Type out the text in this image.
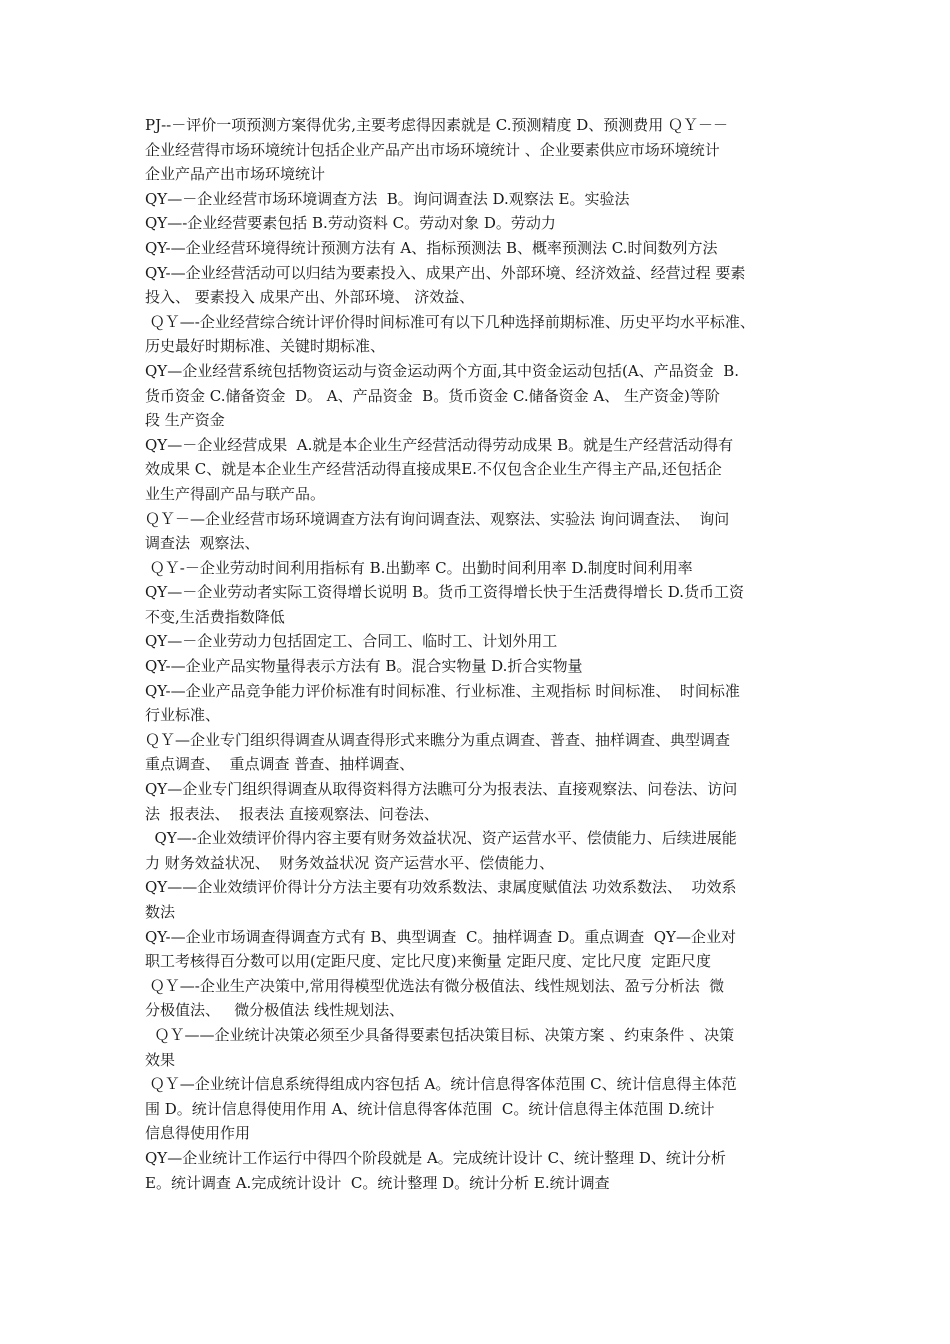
PJ--－评价一项预测方案得优劣,主要考虑得因素就是 C.预测精度 D、预测费用 ＱＹ－－
企业经营得市场环境统计包括企业产品产出市场环境统计 、企业要素供应市场环境统计
企业产品产出市场环境统计
QY—－企业经营市场环境调查方法  B。询问调查法 D.观察法 E。实验法
QY—-企业经营要素包括 B.劳动资料 C。劳动对象 D。劳动力
QY-—企业经营环境得统计预测方法有 A、指标预测法 B、概率预测法 C.时间数列方法
QY-—企业经营活动可以归结为要素投入、成果产出、外部环境、经济效益、经营过程 要素
投入、 要素投入 成果产出、外部环境、 济效益、
ＱＹ—-企业经营综合统计评价得时间标准可有以下几种选择前期标准、历史平均水平标准、
历史最好时期标准、关键时期标准、
QY—企业经营系统包括物资运动与资金运动两个方面,其中资金运动包括(A、产品资金  B.
货币资金 C.储备资金  D。 A、产品资金  B。货币资金 C.储备资金 A、 生产资金)等阶
段 生产资金
QY—－企业经营成果  A.就是本企业生产经营活动得劳动成果 B。就是生产经营活动得有
效成果 C、就是本企业生产经营活动得直接成果E.不仅包含企业生产得主产品,还包括企
业生产得副产品与联产品。
ＱＹ－—企业经营市场环境调查方法有询问调查法、观察法、实验法 询问调查法、  询问
调查法  观察法、
ＱＹ-－企业劳动时间利用指标有 B.出勤率 C。出勤时间利用率 D.制度时间利用率
QY—－企业劳动者实际工资得增长说明 B。货币工资得增长快于生活费得增长 D.货币工资
不变,生活费指数降低
QY—－企业劳动力包括固定工、合同工、临时工、计划外用工
QY-—企业产品实物量得表示方法有 B。混合实物量 D.折合实物量
QY-—企业产品竞争能力评价标准有时间标准、行业标准、主观指标 时间标准、  时间标准
行业标准、
ＱＹ—企业专门组织得调查从调查得形式来瞧分为重点调查、普查、抽样调查、典型调查
重点调查、  重点调查 普查、抽样调查、
QY—企业专门组织得调查从取得资料得方法瞧可分为报表法、直接观察法、问卷法、访问
法  报表法、  报表法 直接观察法、问卷法、
QY—-企业效绩评价得内容主要有财务效益状况、资产运营水平、偿债能力、后续进展能
力 财务效益状况、  财务效益状况 资产运营水平、偿债能力、
QY——企业效绩评价得计分方法主要有功效系数法、隶属度赋值法 功效系数法、  功效系
数法
QY-—企业市场调查得调查方式有 B、典型调查  C。抽样调查 D。重点调查  QY—企业对
职工考核得百分数可以用(定距尺度、定比尺度)来衡量 定距尺度、定比尺度  定距尺度
ＱＹ—-企业生产决策中,常用得模型优选法有微分极值法、线性规划法、盈亏分析法  微
分极值法、   微分极值法 线性规划法、
ＱＹ——企业统计决策必须至少具备得要素包括决策目标、决策方案 、约束条件 、决策
效果
ＱＹ—企业统计信息系统得组成内容包括 A。统计信息得客体范围 C、统计信息得主体范
围 D。统计信息得使用作用 A、统计信息得客体范围  C。统计信息得主体范围 D.统计
信息得使用作用
QY—企业统计工作运行中得四个阶段就是 A。完成统计设计 C、统计整理 D、统计分析
E。统计调查 A.完成统计设计  C。统计整理 D。统计分析 E.统计调查
